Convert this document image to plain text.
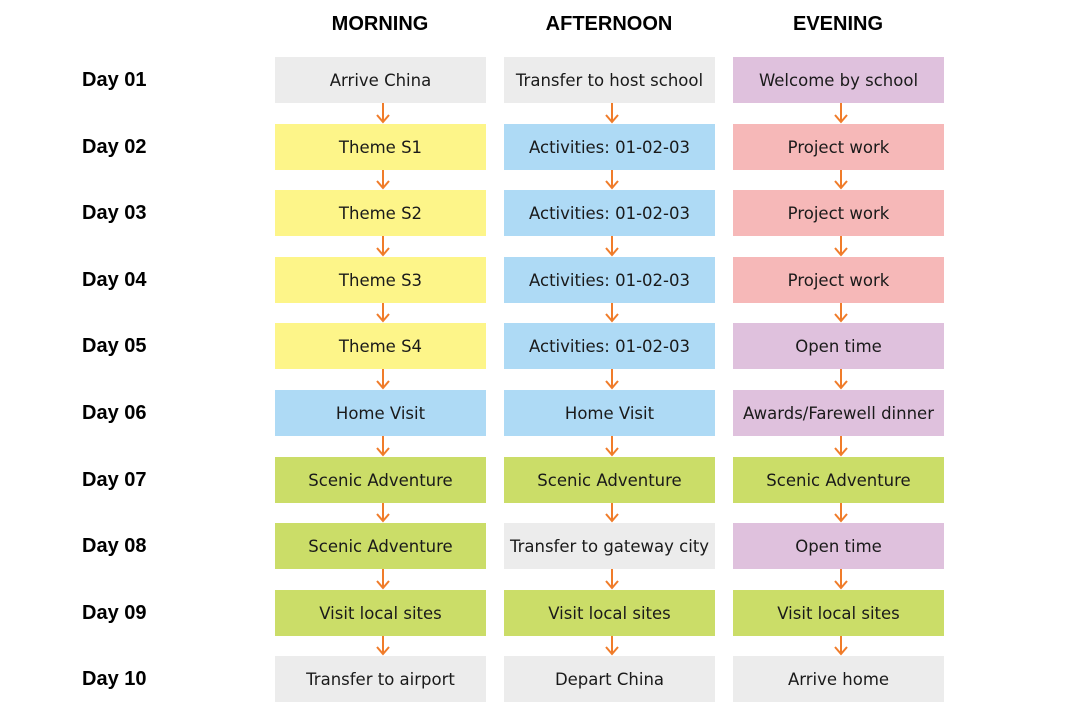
MORNING	AFTERNOON	EVENING
Day 01	Arrive China	Transfer to host school	Welcome by school
Day 02	Theme S1	Activities: 01-02-03	Project work
Day 03	Theme S2	Activities: 01-02-03	Project work
Day 04	Theme S3	Activities: 01-02-03	Project work
Day 05	Theme S4	Activities: 01-02-03	Open time
Day 06	Home Visit	Home Visit	Awards/Farewell dinner
Day 07	Scenic Adventure	Scenic Adventure	Scenic Adventure
Day 08	Scenic Adventure	Transfer to gateway city	Open time
Day 09	Visit local sites	Visit local sites	Visit local sites
Day 10	Transfer to airport	Depart China	Arrive home
